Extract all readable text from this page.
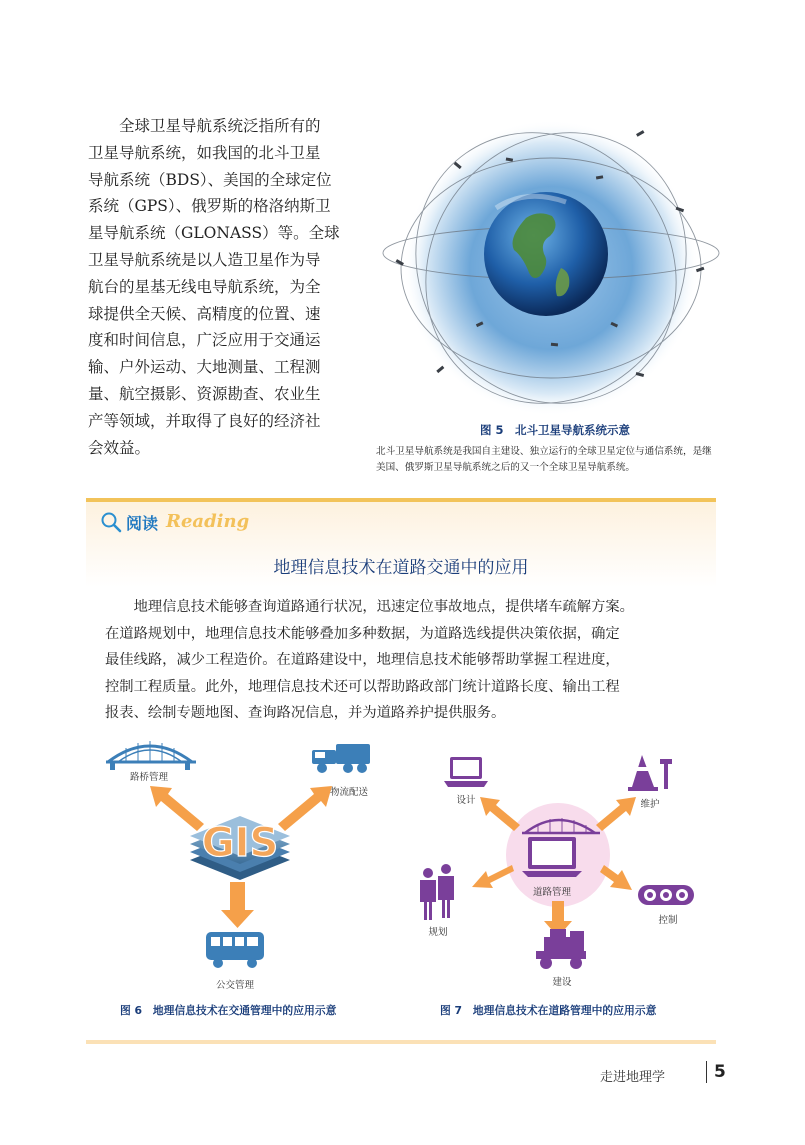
　　全球卫星导航系统泛指所有的
卫星导航系统，如我国的北斗卫星
导航系统（BDS）、美国的全球定位
系统（GPS）、俄罗斯的格洛纳斯卫
星导航系统（GLONASS）等。全球
卫星导航系统是以人造卫星作为导
航台的星基无线电导航系统，为全
球提供全天候、高精度的位置、速
度和时间信息，广泛应用于交通运
输、户外运动、大地测量、工程测
量、航空摄影、资源勘查、农业生
产等领域，并取得了良好的经济社
会效益。

图 5　北斗卫星导航系统示意
北斗卫星导航系统是我国自主建设、独立运行的全球卫星定位与通信系统，是继美国、俄罗斯卫星导航系统之后的又一个全球卫星导航系统。
阅读 Reading
地理信息技术在道路交通中的应用

　　地理信息技术能够查询道路通行状况，迅速定位事故地点，提供堵车疏解方案。
在道路规划中，地理信息技术能够叠加多种数据，为道路选线提供决策依据，确定
最佳线路，减少工程造价。在道路建设中，地理信息技术能够帮助掌握工程进度，
控制工程质量。此外，地理信息技术还可以帮助路政部门统计道路长度、输出工程
报表、绘制专题地图、查询路况信息，并为道路养护提供服务。

路桥管理
物流配送
GIS
公交管理
道路管理
设计	维护
规划
控制
建设
图 6　地理信息技术在交通管理中的应用示意	图 7　地理信息技术在道路管理中的应用示意
走进地理学	5
